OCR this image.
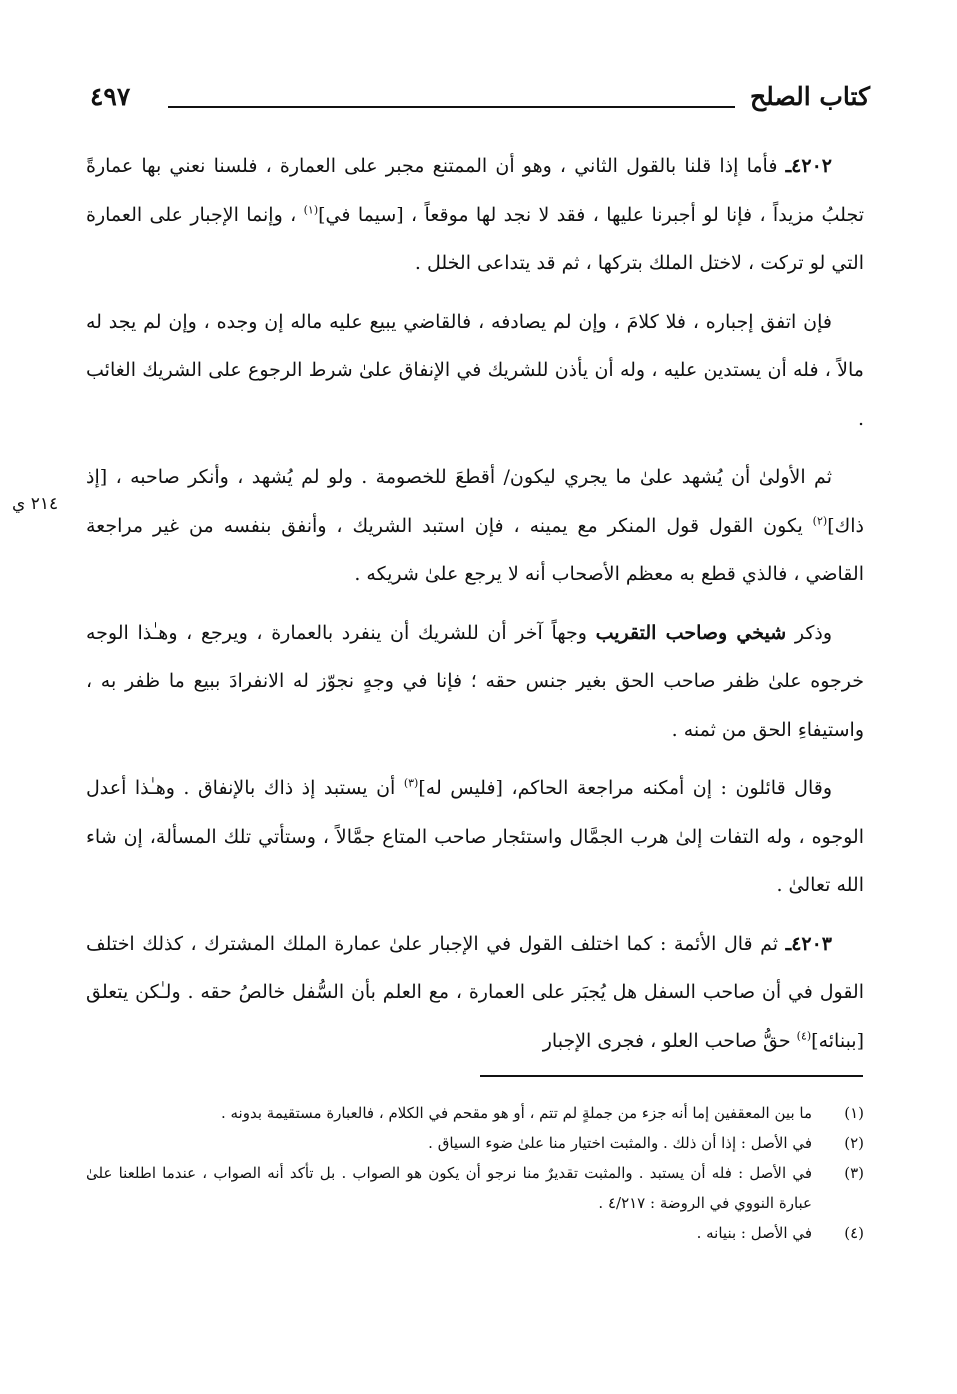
كتاب الصلح
٤٩٧
٢١٤ ي

٤٢٠٢ـ فأما إذا قلنا بالقول الثاني ، وهو أن الممتنع مجبر على العمارة ، فلسنا نعني بها عمارةً تجلبُ مزيداً ، فإنا لو أجبرنا عليها ، فقد لا نجد لها موقعاً ، [سيما في]$^{(١)}$ ، وإنما الإجبار على العمارة التي لو تركت ، لاختل الملك بتركها ، ثم قد يتداعى الخلل .

فإن اتفق إجباره ، فلا كلامَ ، وإن لم يصادفه ، فالقاضي يبيع عليه ماله إن وجده ، وإن لم يجد له مالاً ، فله أن يستدين عليه ، وله أن يأذن للشريك في الإنفاق علىٰ شرط الرجوع على الشريك الغائب .

ثم الأولىٰ أن يُشهد علىٰ ما يجري ليكون/ أقطعَ للخصومة . ولو لم يُشهد ، وأنكر صاحبه ، [إذ ذاك]$^{(٢)}$ يكون القول قول المنكر مع يمينه ، فإن استبد الشريك ، وأنفق بنفسه من غير مراجعة القاضي ، فالذي قطع به معظم الأصحاب أنه لا يرجع علىٰ شريكه .

وذكر شيخي وصاحب التقريب وجهاً آخر أن للشريك أن ينفرد بالعمارة ، ويرجع ، وهـٰذا الوجه خرجوه علىٰ ظفر صاحب الحق بغير جنس حقه ؛ فإنا في وجهٍ نجوّز له الانفرادَ ببيع ما ظفر به ، واستيفاءِ الحق من ثمنه .

وقال قائلون : إن أمكنه مراجعة الحاكم، [فليس له]$^{(٣)}$ أن يستبد إذ ذاك بالإنفاق . وهـٰذا أعدل الوجوه ، وله التفات إلىٰ هرب الجمَّال واستئجار صاحب المتاع جمَّالاً ، وستأتي تلك المسألة، إن شاء الله تعالىٰ .

٤٢٠٣ـ ثم قال الأئمة : كما اختلف القول في الإجبار علىٰ عمارة الملك المشترك ، كذلك اختلف القول في أن صاحب السفل هل يُجبَر على العمارة ، مع العلم بأن السُّفل خالصُ حقه . ولـٰكن يتعلق [ببنائه]$^{(٤)}$ حقُّ صاحب العلو ، فجرى الإجبار

(١)
ما بين المعقفين إما أنه جزء من جملةٍ لم تتم ، أو هو مقحم في الكلام ، فالعبارة مستقيمة بدونه .
(٢)
في الأصل : إذا أن ذلك . والمثبت اختيار منا علىٰ ضوء السياق .
(٣)
في الأصل : فله أن يستبد . والمثبت تقديرٌ منا نرجو أن يكون هو الصواب . بل تأكد أنه الصواب ، عندما اطلعنا علىٰ عبارة النووي في الروضة : ٤/٢١٧ .
(٤)
في الأصل : بنيانه .
